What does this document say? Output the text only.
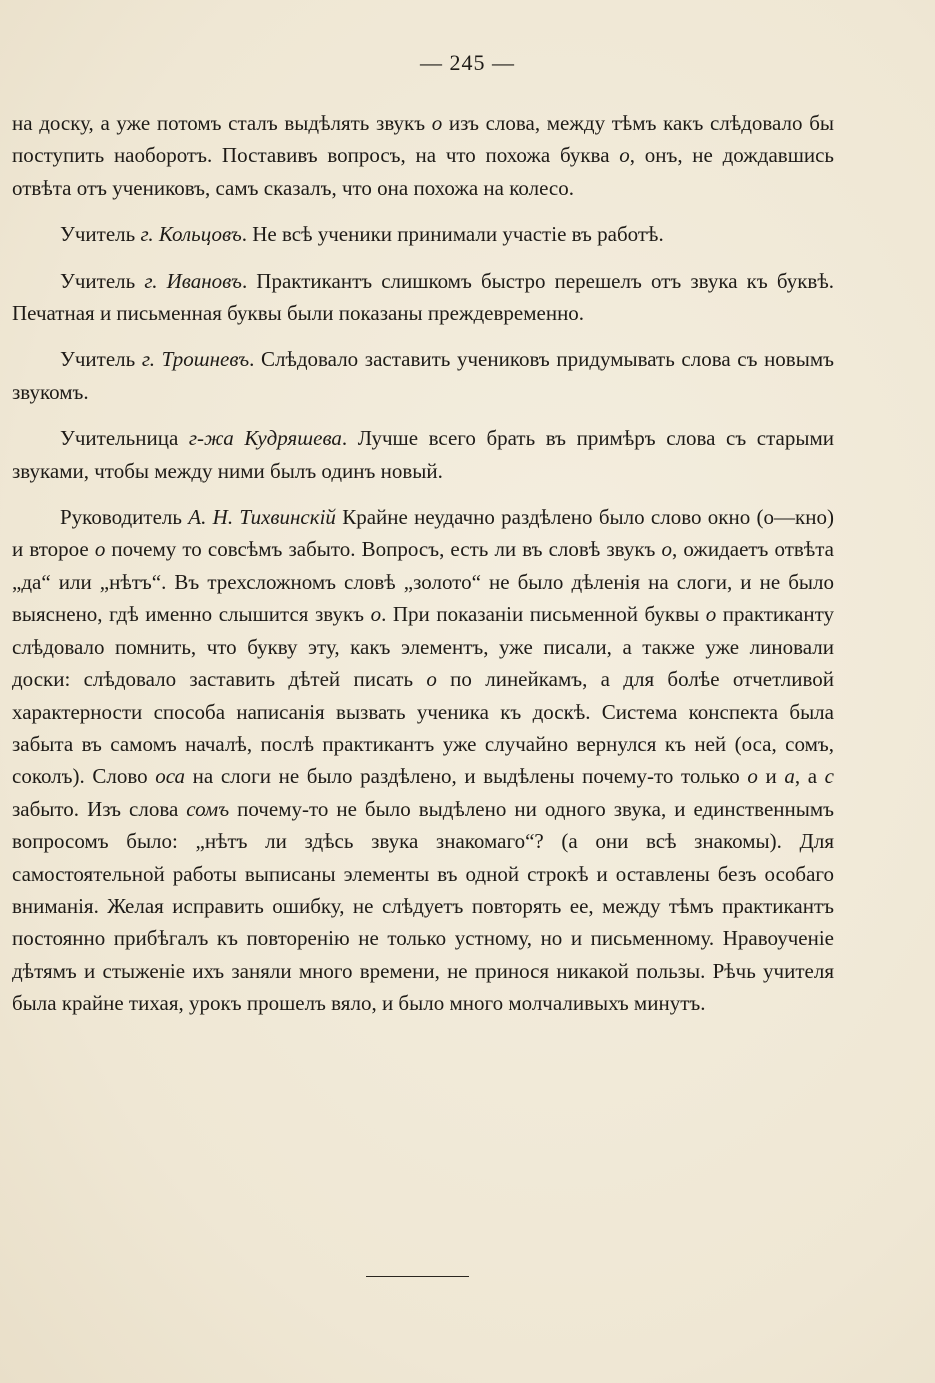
— 245 —

на доску, а уже потомъ сталъ выдѣлять звукъ о изъ слова, между тѣмъ какъ слѣдовало бы поступить наоборотъ. Поставивъ вопросъ, на что похожа буква о, онъ, не дождавшись отвѣта отъ учениковъ, самъ сказалъ, что она похожа на колесо.

Учитель г. Кольцовъ. Не всѣ ученики принимали участіе въ работѣ.

Учитель г. Ивановъ. Практикантъ слишкомъ быстро перешелъ отъ звука къ буквѣ. Печатная и письменная буквы были показаны преждевременно.

Учитель г. Трошневъ. Слѣдовало заставить учениковъ придумывать слова съ новымъ звукомъ.

Учительница г-жа Кудряшева. Лучше всего брать въ примѣръ слова съ старыми звуками, чтобы между ними былъ одинъ новый.

Руководитель А. Н. Тихвинскій Крайне неудачно раздѣлено было слово окно (о—кно) и второе о почему то совсѣмъ забыто. Вопросъ, есть ли въ словѣ звукъ о, ожидаетъ отвѣта „да“ или „нѣтъ“. Въ трехсложномъ словѣ „золото“ не было дѣленія на слоги, и не было выяснено, гдѣ именно слышится звукъ о. При показаніи письменной буквы о практиканту слѣдовало помнить, что букву эту, какъ элементъ, уже писали, а также уже линовали доски: слѣдовало заставить дѣтей писать о по линейкамъ, а для болѣе отчетливой характерности способа написанія вызвать ученика къ доскѣ. Система конспекта была забыта въ самомъ началѣ, послѣ практикантъ уже случайно вернулся къ ней (оса, сомъ, соколъ). Слово оса на слоги не было раздѣлено, и выдѣлены почему-то только о и а, а с забыто. Изъ слова сомъ почему-то не было выдѣлено ни одного звука, и единственнымъ вопросомъ было: „нѣтъ ли здѣсь звука знакомаго“? (а они всѣ знакомы). Для самостоятельной работы выписаны элементы въ одной строкѣ и оставлены безъ особаго вниманія. Желая исправить ошибку, не слѣдуетъ повторять ее, между тѣмъ практикантъ постоянно прибѣгалъ къ повторенію не только устному, но и письменному. Нравоученіе дѣтямъ и стыженіе ихъ заняли много времени, не принося никакой пользы. Рѣчь учителя была крайне тихая, урокъ прошелъ вяло, и было много молчаливыхъ минутъ.
